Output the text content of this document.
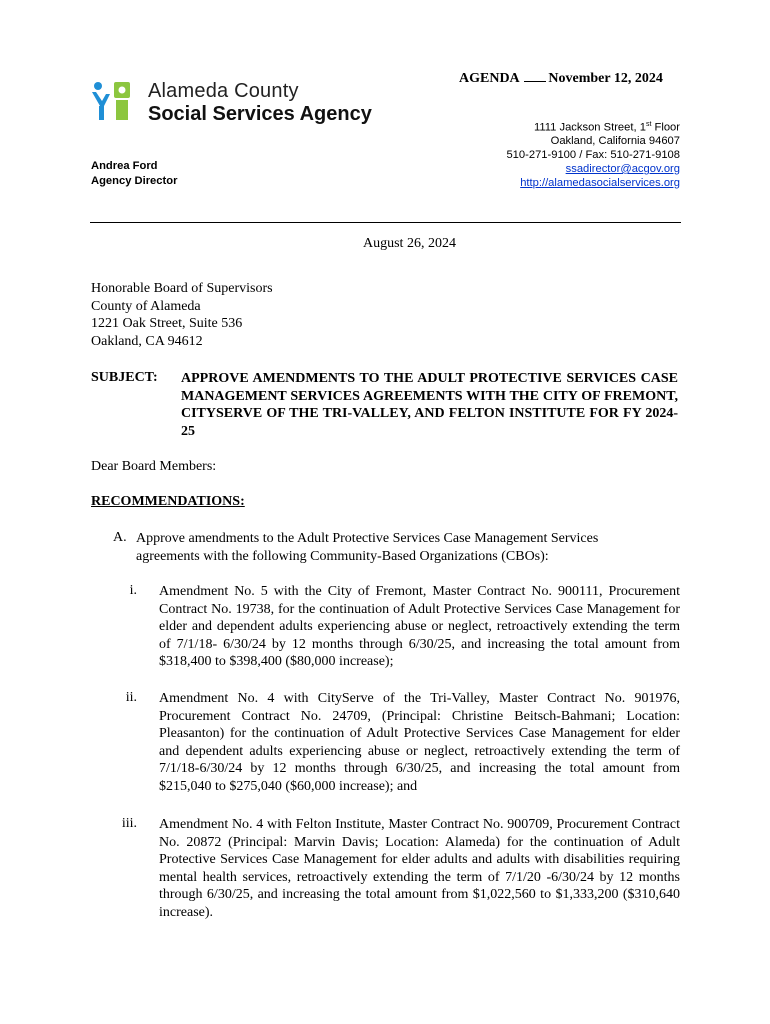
Alameda County
Social Services Agency
AGENDA November 12, 2024
1111 Jackson Street, 1st Floor
Oakland, California 94607
510-271-9100 / Fax: 510-271-9108
ssadirector@acgov.org
http://alamedasocialservices.org
Andrea Ford
Agency Director
August 26, 2024
Honorable Board of Supervisors
County of Alameda
1221 Oak Street, Suite 536
Oakland, CA 94612
SUBJECT: APPROVE AMENDMENTS TO THE ADULT PROTECTIVE SERVICES CASE MANAGEMENT SERVICES AGREEMENTS WITH THE CITY OF FREMONT, CITYSERVE OF THE TRI-VALLEY, AND FELTON INSTITUTE FOR FY 2024-25
Dear Board Members:
RECOMMENDATIONS:
A. Approve amendments to the Adult Protective Services Case Management Services agreements with the following Community-Based Organizations (CBOs):
i. Amendment No. 5 with the City of Fremont, Master Contract No. 900111, Procurement Contract No. 19738, for the continuation of Adult Protective Services Case Management for elder and dependent adults experiencing abuse or neglect, retroactively extending the term of 7/1/18- 6/30/24 by 12 months through 6/30/25, and increasing the total amount from $318,400 to $398,400 ($80,000 increase);
ii. Amendment No. 4 with CityServe of the Tri-Valley, Master Contract No. 901976, Procurement Contract No. 24709, (Principal: Christine Beitsch-Bahmani; Location: Pleasanton) for the continuation of Adult Protective Services Case Management for elder and dependent adults experiencing abuse or neglect, retroactively extending the term of 7/1/18-6/30/24 by 12 months through 6/30/25, and increasing the total amount from $215,040 to $275,040 ($60,000 increase); and
iii. Amendment No. 4 with Felton Institute, Master Contract No. 900709, Procurement Contract No. 20872 (Principal: Marvin Davis; Location: Alameda) for the continuation of Adult Protective Services Case Management for elder adults and adults with disabilities requiring mental health services, retroactively extending the term of 7/1/20 -6/30/24 by 12 months through 6/30/25, and increasing the total amount from $1,022,560 to $1,333,200 ($310,640 increase).
